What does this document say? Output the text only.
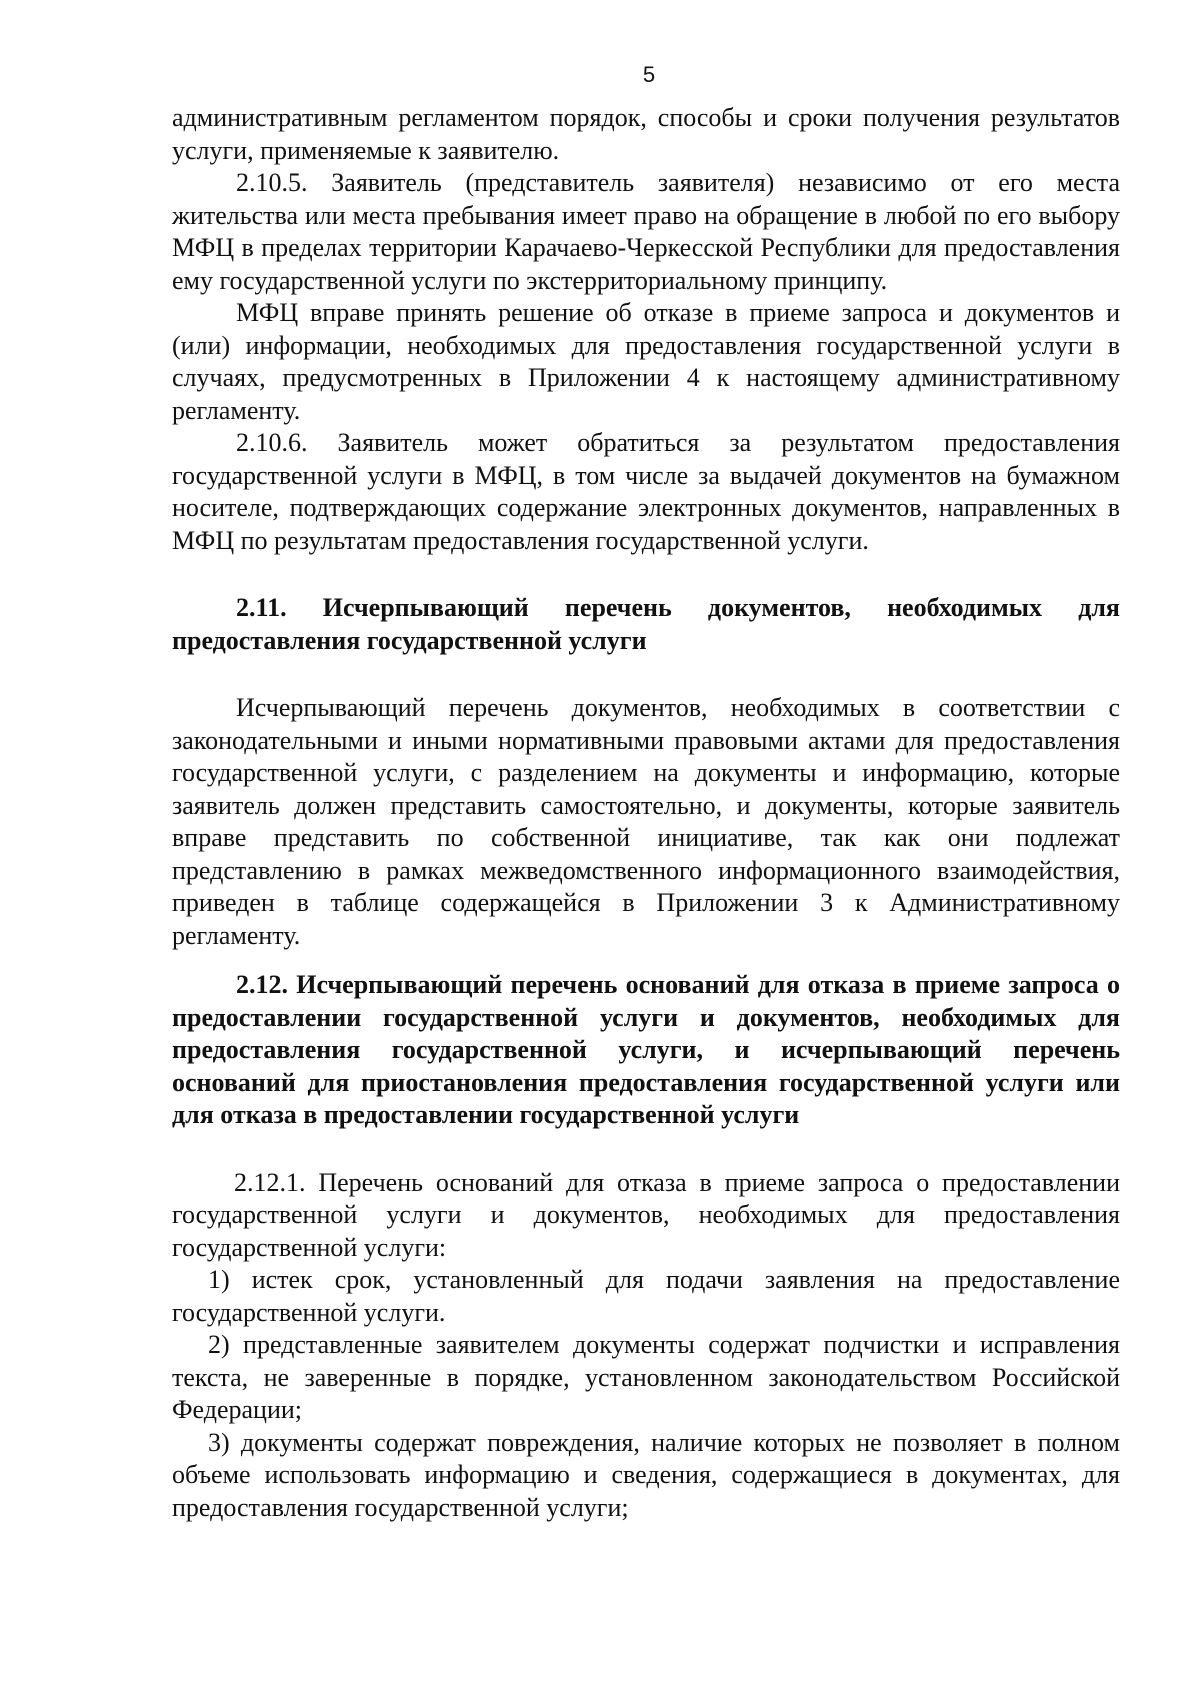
5

административным регламентом порядок, способы и сроки получения результатов услуги, применяемые к заявителю.

2.10.5. Заявитель (представитель заявителя) независимо от его места жительства или места пребывания имеет право на обращение в любой по его выбору МФЦ в пределах территории Карачаево-Черкесской Республики для предоставления ему государственной услуги по экстерриториальному принципу.

МФЦ вправе принять решение об отказе в приеме запроса и документов и (или) информации, необходимых для предоставления государственной услуги в случаях, предусмотренных в Приложении 4 к настоящему административному регламенту.

2.10.6. Заявитель может обратиться за результатом предоставления государственной услуги в МФЦ, в том числе за выдачей документов на бумажном носителе, подтверждающих содержание электронных документов, направленных в МФЦ по результатам предоставления государственной услуги.

2.11. Исчерпывающий перечень документов, необходимых для предоставления государственной услуги

Исчерпывающий перечень документов, необходимых в соответствии с законодательными и иными нормативными правовыми актами для предоставления государственной услуги, с разделением на документы и информацию, которые заявитель должен представить самостоятельно, и документы, которые заявитель вправе представить по собственной инициативе, так как они подлежат представлению в рамках межведомственного информационного взаимодействия, приведен в таблице содержащейся в Приложении 3 к Административному регламенту.

2.12. Исчерпывающий перечень оснований для отказа в приеме запроса о предоставлении государственной услуги и документов, необходимых для предоставления государственной услуги, и исчерпывающий перечень оснований для приостановления предоставления государственной услуги или для отказа в предоставлении государственной услуги

2.12.1. Перечень оснований для отказа в приеме запроса о предоставлении государственной услуги и документов, необходимых для предоставления государственной услуги:

1) истек срок, установленный для подачи заявления на предоставление государственной услуги.

2) представленные заявителем документы содержат подчистки и исправления текста, не заверенные в порядке, установленном законодательством Российской Федерации;

3) документы содержат повреждения, наличие которых не позволяет в полном объеме использовать информацию и сведения, содержащиеся в документах, для предоставления государственной услуги;
